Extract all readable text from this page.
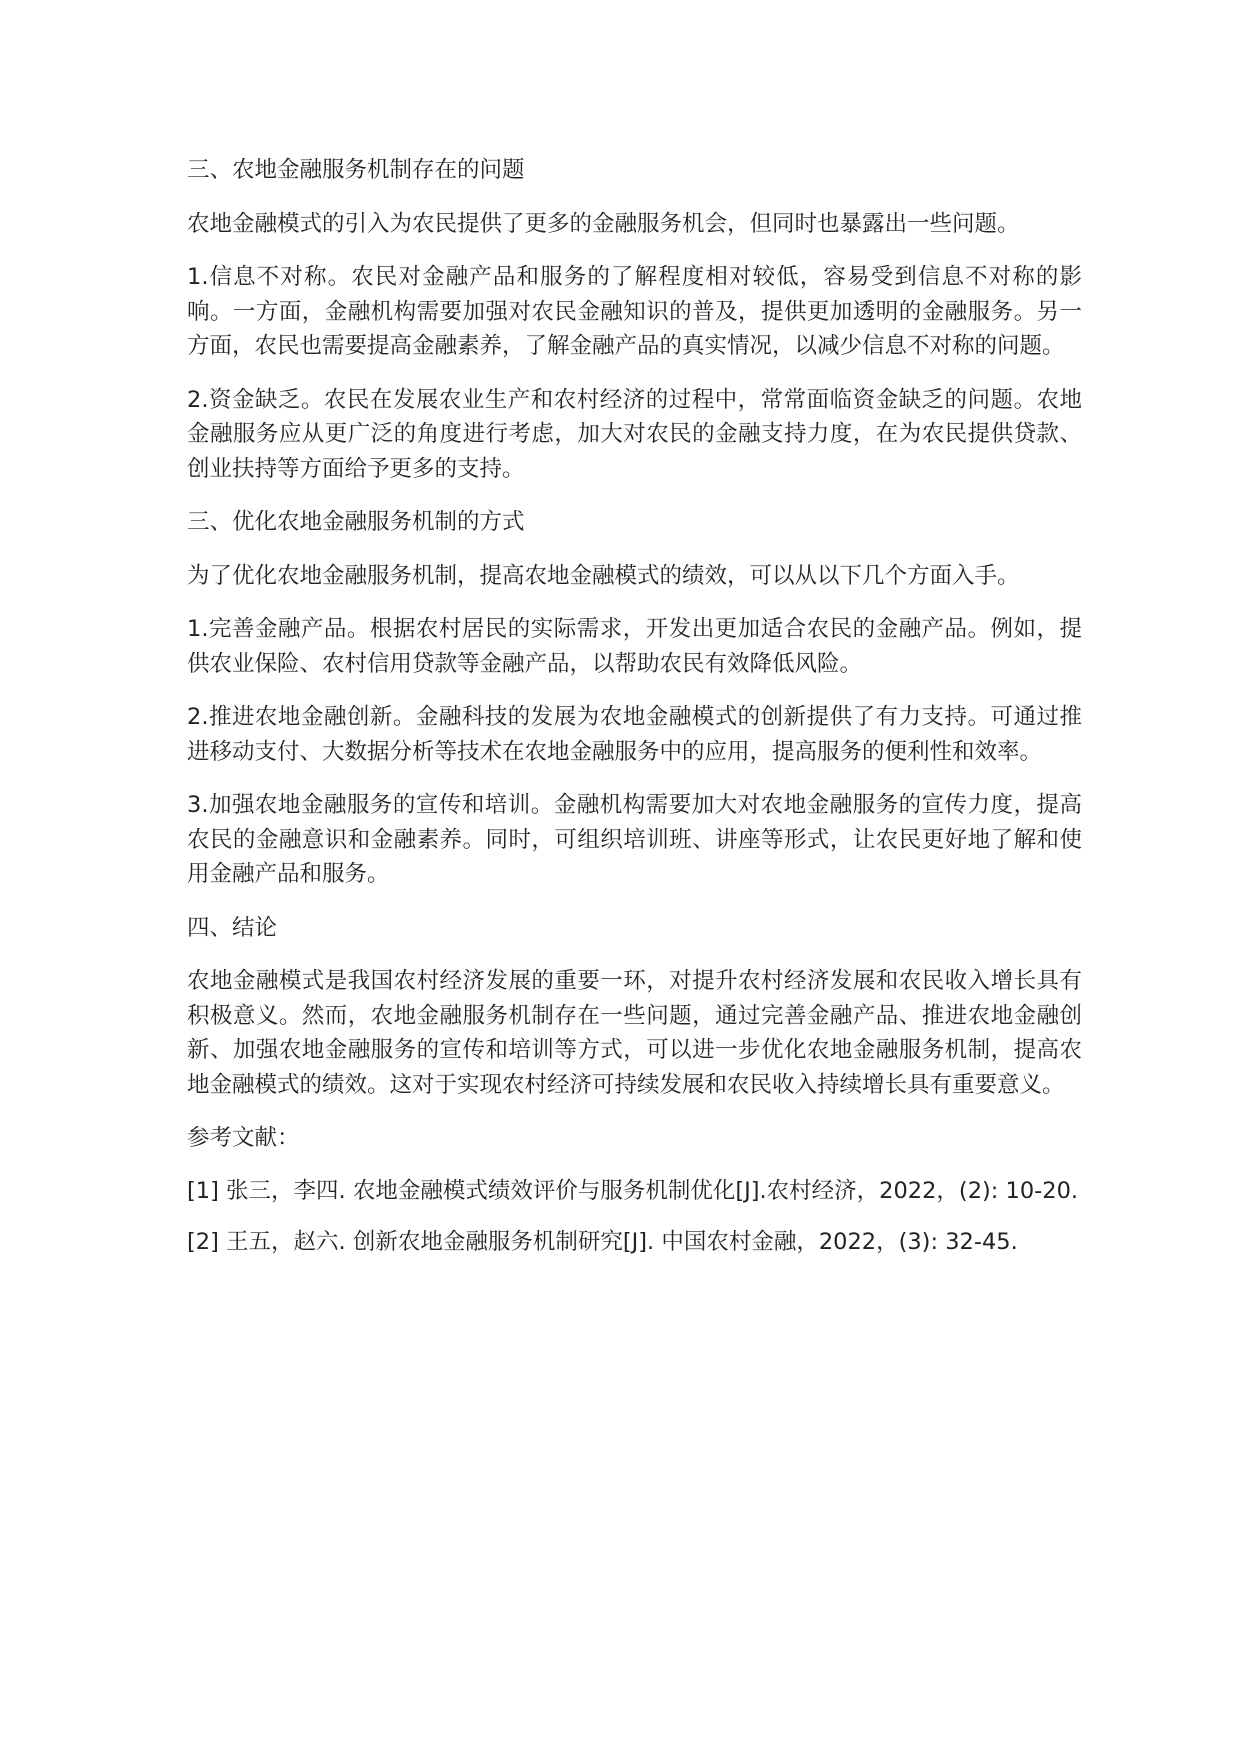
三、农地金融服务机制存在的问题
农地金融模式的引入为农民提供了更多的金融服务机会，但同时也暴露出一些问题。
1.信息不对称。农民对金融产品和服务的了解程度相对较低，容易受到信息不对称的影响。一方面，金融机构需要加强对农民金融知识的普及，提供更加透明的金融服务。另一方面，农民也需要提高金融素养，了解金融产品的真实情况，以减少信息不对称的问题。
2.资金缺乏。农民在发展农业生产和农村经济的过程中，常常面临资金缺乏的问题。农地金融服务应从更广泛的角度进行考虑，加大对农民的金融支持力度，在为农民提供贷款、创业扶持等方面给予更多的支持。
三、优化农地金融服务机制的方式
为了优化农地金融服务机制，提高农地金融模式的绩效，可以从以下几个方面入手。
1.完善金融产品。根据农村居民的实际需求，开发出更加适合农民的金融产品。例如，提供农业保险、农村信用贷款等金融产品，以帮助农民有效降低风险。
2.推进农地金融创新。金融科技的发展为农地金融模式的创新提供了有力支持。可通过推进移动支付、大数据分析等技术在农地金融服务中的应用，提高服务的便利性和效率。
3.加强农地金融服务的宣传和培训。金融机构需要加大对农地金融服务的宣传力度，提高农民的金融意识和金融素养。同时，可组织培训班、讲座等形式，让农民更好地了解和使用金融产品和服务。
四、结论
农地金融模式是我国农村经济发展的重要一环，对提升农村经济发展和农民收入增长具有积极意义。然而，农地金融服务机制存在一些问题，通过完善金融产品、推进农地金融创新、加强农地金融服务的宣传和培训等方式，可以进一步优化农地金融服务机制，提高农地金融模式的绩效。这对于实现农村经济可持续发展和农民收入持续增长具有重要意义。
参考文献：
[1] 张三，李四. 农地金融模式绩效评价与服务机制优化[J].农村经济，2022，(2): 10-20.
[2] 王五，赵六. 创新农地金融服务机制研究[J]. 中国农村金融，2022，(3): 32-45.
